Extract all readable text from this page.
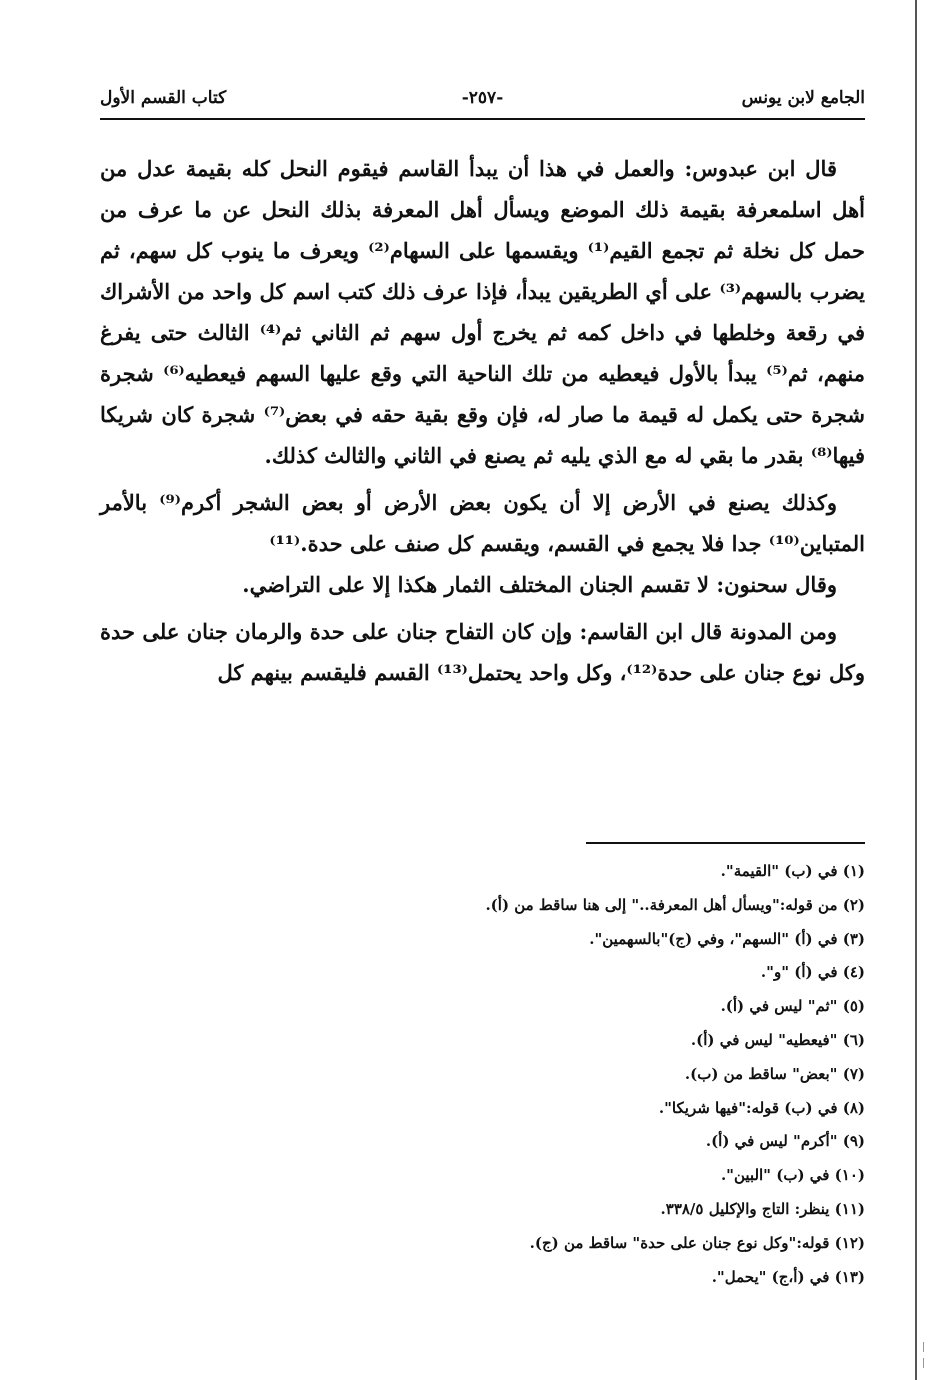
الجامع لابن يونس
-٢٥٧-
كتاب القسم الأول

قال ابن عبدوس: والعمل في هذا أن يبدأ القاسم فيقوم النحل كله بقيمة عدل من أهل اسلمعرفة بقيمة ذلك الموضع ويسأل أهل المعرفة بذلك النحل عن ما عرف من حمل كل نخلة ثم تجمع القيم⁽¹⁾ ويقسمها على السهام⁽²⁾ ويعرف ما ينوب كل سهم، ثم يضرب بالسهم⁽³⁾ على أي الطريقين يبدأ، فإذا عرف ذلك كتب اسم كل واحد من الأشراك في رقعة وخلطها في داخل كمه ثم يخرج أول سهم ثم الثاني ثم⁽⁴⁾ الثالث حتى يفرغ منهم، ثم⁽⁵⁾ يبدأ بالأول فيعطيه من تلك الناحية التي وقع عليها السهم فيعطيه⁽⁶⁾ شجرة شجرة حتى يكمل له قيمة ما صار له، فإن وقع بقية حقه في بعض⁽⁷⁾ شجرة كان شريكا فيها⁽⁸⁾ بقدر ما بقي له مع الذي يليه ثم يصنع في الثاني والثالث كذلك.

وكذلك يصنع في الأرض إلا أن يكون بعض الأرض أو بعض الشجر أكرم⁽⁹⁾ بالأمر المتباين⁽¹⁰⁾ جدا فلا يجمع في القسم، ويقسم كل صنف على حدة.⁽¹¹⁾

وقال سحنون: لا تقسم الجنان المختلف الثمار هكذا إلا على التراضي.

ومن المدونة قال ابن القاسم: وإن كان التفاح جنان على حدة والرمان جنان على حدة وكل نوع جنان على حدة⁽¹²⁾، وكل واحد يحتمل⁽¹³⁾ القسم فليقسم بينهم كل

(١) في (ب) "القيمة".
(٢) من قوله:"ويسأل أهل المعرفة.." إلى هنا ساقط من (أ).
(٣) في (أ) "السهم"، وفي (ج)"بالسهمين".
(٤) في (أ) "و".
(٥) "ثم" ليس في (أ).
(٦) "فيعطيه" ليس في (أ).
(٧) "بعض" ساقط من (ب).
(٨) في (ب) قوله:"فيها شريكا".
(٩) "أكرم" ليس في (أ).
(١٠) في (ب) "البين".
(١١) ينظر: التاج والإكليل ٣٣٨/٥.
(١٢) قوله:"وكل نوع جنان على حدة" ساقط من (ج).
(١٣) في (أ،ج) "يحمل".
